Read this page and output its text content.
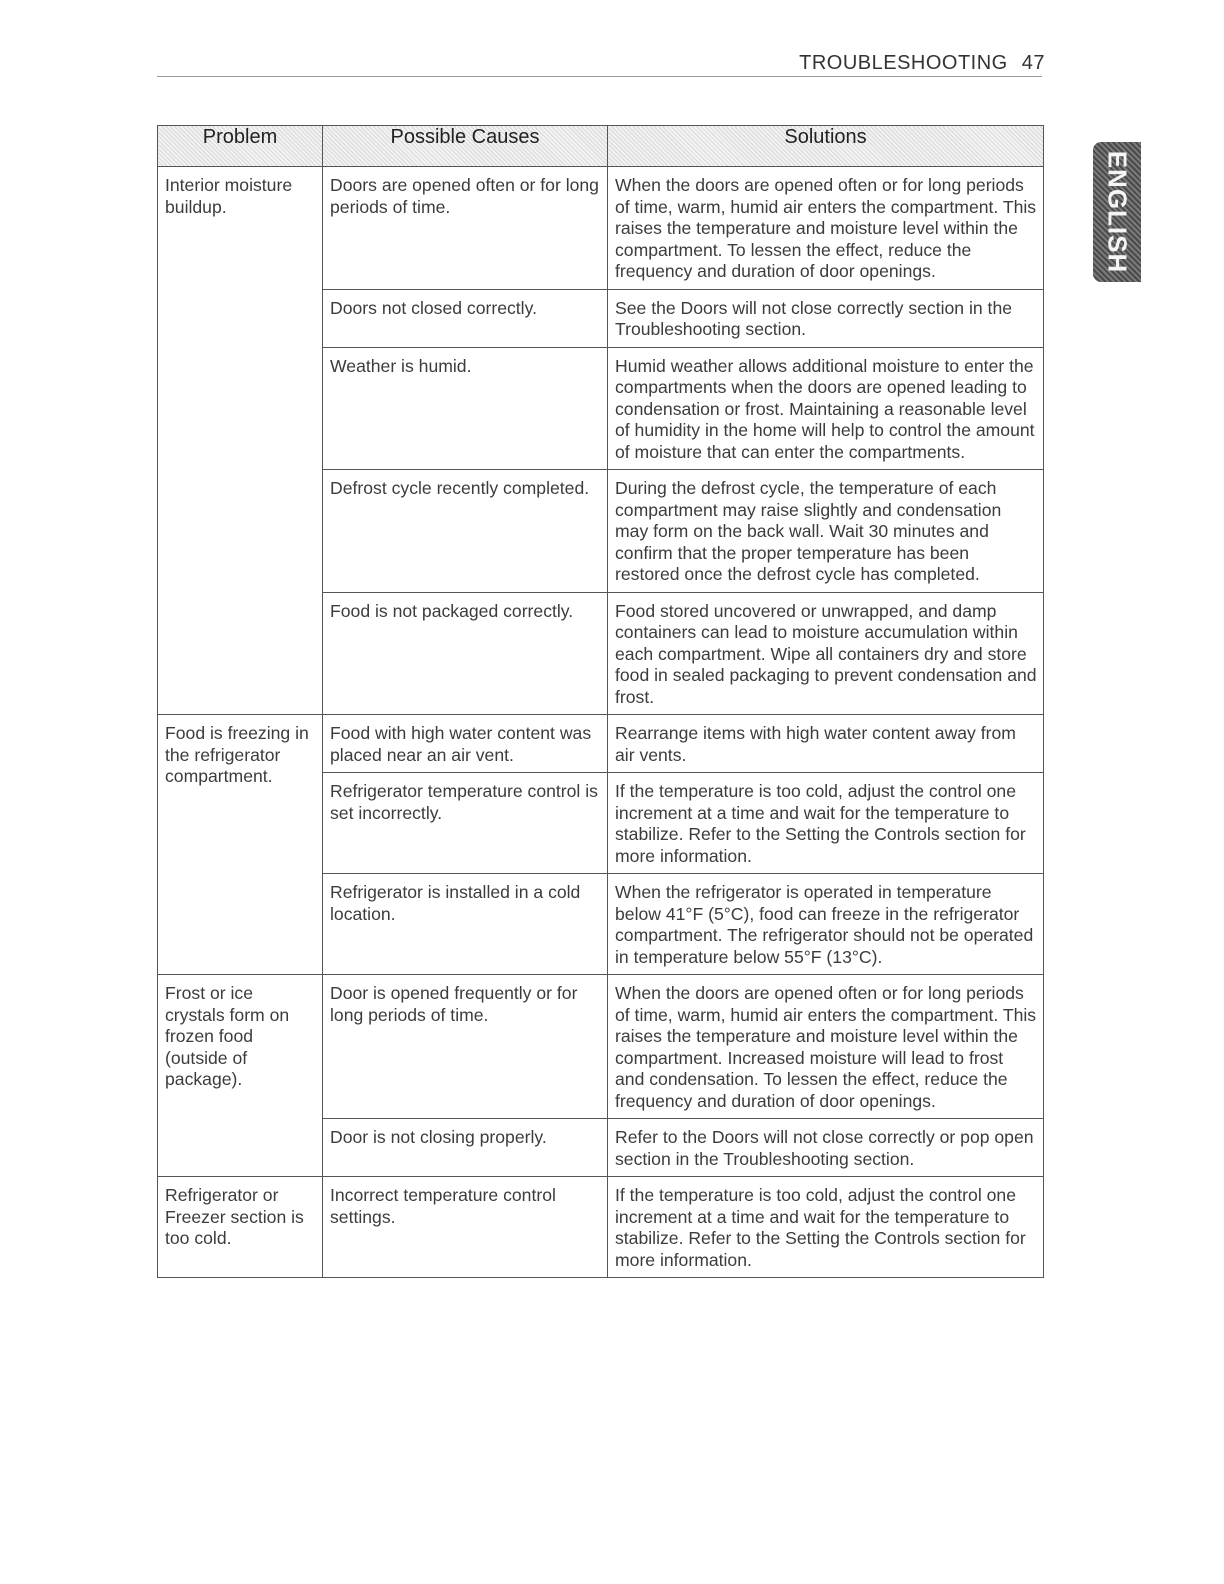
TROUBLESHOOTING 47
ENGLISH
Problem	Possible Causes	Solutions
Interior moisture buildup.	Doors are opened often or for long periods of time.	When the doors are opened often or for long periods of time, warm, humid air enters the compartment. This raises the temperature and moisture level within the compartment. To lessen the effect, reduce the frequency and duration of door openings.
	Doors not closed correctly.	See the Doors will not close correctly section in the Troubleshooting section.
	Weather is humid.	Humid weather allows additional moisture to enter the compartments when the doors are opened leading to condensation or frost. Maintaining a reasonable level of humidity in the home will help to control the amount of moisture that can enter the compartments.
	Defrost cycle recently completed.	During the defrost cycle, the temperature of each compartment may raise slightly and condensation may form on the back wall. Wait 30 minutes and confirm that the proper temperature has been restored once the defrost cycle has completed.
	Food is not packaged correctly.	Food stored uncovered or unwrapped, and damp containers can lead to moisture accumulation within each compartment. Wipe all containers dry and store food in sealed packaging to prevent condensation and frost.
Food is freezing in the refrigerator compartment.	Food with high water content was placed near an air vent.	Rearrange items with high water content away from air vents.
	Refrigerator temperature control is set incorrectly.	If the temperature is too cold, adjust the control one increment at a time and wait for the temperature to stabilize. Refer to the Setting the Controls section for more information.
	Refrigerator is installed in a cold location.	When the refrigerator is operated in temperature below 41°F (5°C), food can freeze in the refrigerator compartment. The refrigerator should not be operated in temperature below 55°F (13°C).
Frost or ice crystals form on frozen food (outside of package).	Door is opened frequently or for long periods of time.	When the doors are opened often or for long periods of time, warm, humid air enters the compartment. This raises the temperature and moisture level within the compartment. Increased moisture will lead to frost and condensation. To lessen the effect, reduce the frequency and duration of door openings.
	Door is not closing properly.	Refer to the Doors will not close correctly or pop open section in the Troubleshooting section.
Refrigerator or Freezer section is too cold.	Incorrect temperature control settings.	If the temperature is too cold, adjust the control one increment at a time and wait for the temperature to stabilize. Refer to the Setting the Controls section for more information.
